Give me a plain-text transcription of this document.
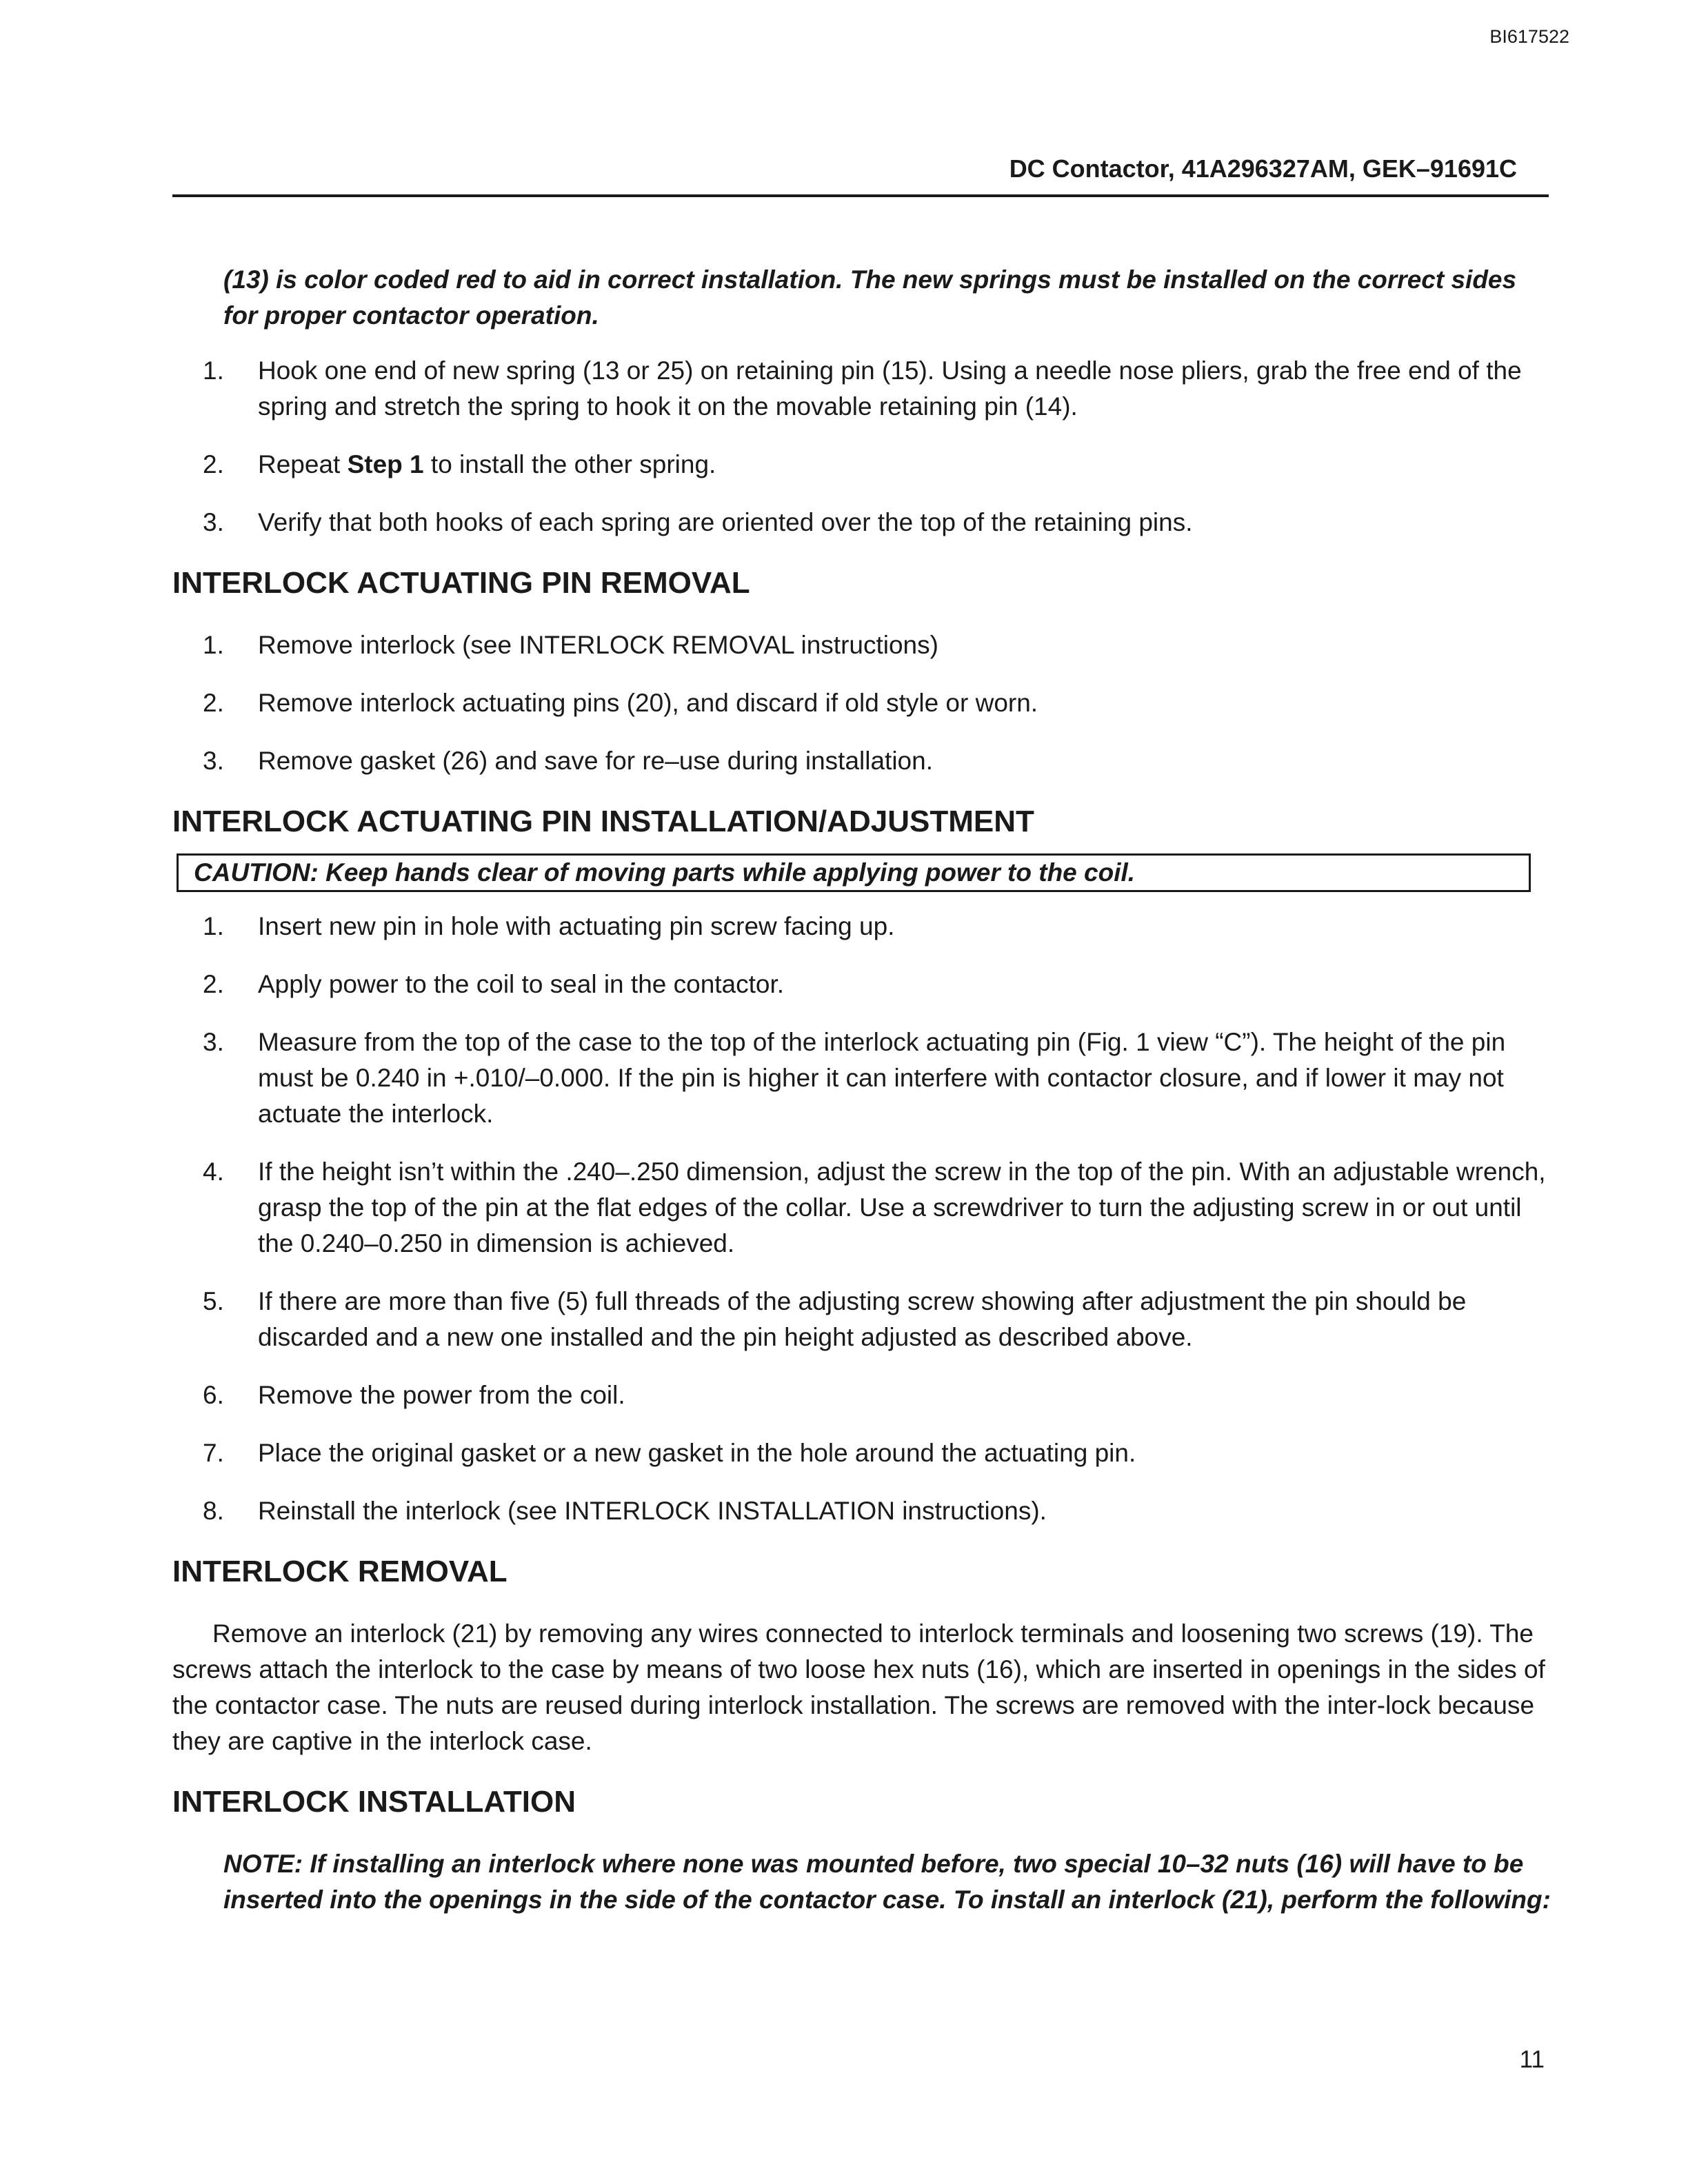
BI617522
DC Contactor, 41A296327AM, GEK–91691C

(13) is color coded red to aid in correct installation. The new springs must be installed on the correct sides for proper contactor operation.

1.	Hook one end of new spring (13 or 25) on retaining pin (15). Using a needle nose pliers, grab the free end of the spring and stretch the spring to hook it on the movable retaining pin (14).
2.	Repeat Step 1 to install the other spring.
3.	Verify that both hooks of each spring are oriented over the top of the retaining pins.
INTERLOCK ACTUATING PIN REMOVAL
1.	Remove interlock (see INTERLOCK REMOVAL instructions)
2.	Remove interlock actuating pins (20), and discard if old style or worn.
3.	Remove gasket (26) and save for re–use during installation.
INTERLOCK ACTUATING PIN INSTALLATION/ADJUSTMENT
CAUTION: Keep hands clear of moving parts while applying power to the coil.
1.	Insert new pin in hole with actuating pin screw facing up.
2.	Apply power to the coil to seal in the contactor.
3.	Measure from the top of the case to the top of the interlock actuating pin (Fig. 1 view “C”). The height of the pin must be 0.240 in +.010/–0.000. If the pin is higher it can interfere with contactor closure, and if lower it may not actuate the interlock.
4.	If the height isn’t within the .240–.250 dimension, adjust the screw in the top of the pin. With an adjustable wrench, grasp the top of the pin at the flat edges of the collar. Use a screwdriver to turn the adjusting screw in or out until the 0.240–0.250 in dimension is achieved.
5.	If there are more than five (5) full threads of the adjusting screw showing after adjustment the pin should be discarded and a new one installed and the pin height adjusted as described above.
6.	Remove the power from the coil.
7.	Place the original gasket or a new gasket in the hole around the actuating pin.
8.	Reinstall the interlock (see INTERLOCK INSTALLATION instructions).
INTERLOCK REMOVAL

Remove an interlock (21) by removing any wires connected to interlock terminals and loosening two screws (19). The screws attach the interlock to the case by means of two loose hex nuts (16), which are inserted in openings in the sides of the contactor case. The nuts are reused during interlock installation. The screws are removed with the inter-lock because they are captive in the interlock case.

INTERLOCK INSTALLATION

NOTE: If installing an interlock where none was mounted before, two special 10–32 nuts (16) will have to be inserted into the openings in the side of the contactor case. To install an interlock (21), perform the following:

11
